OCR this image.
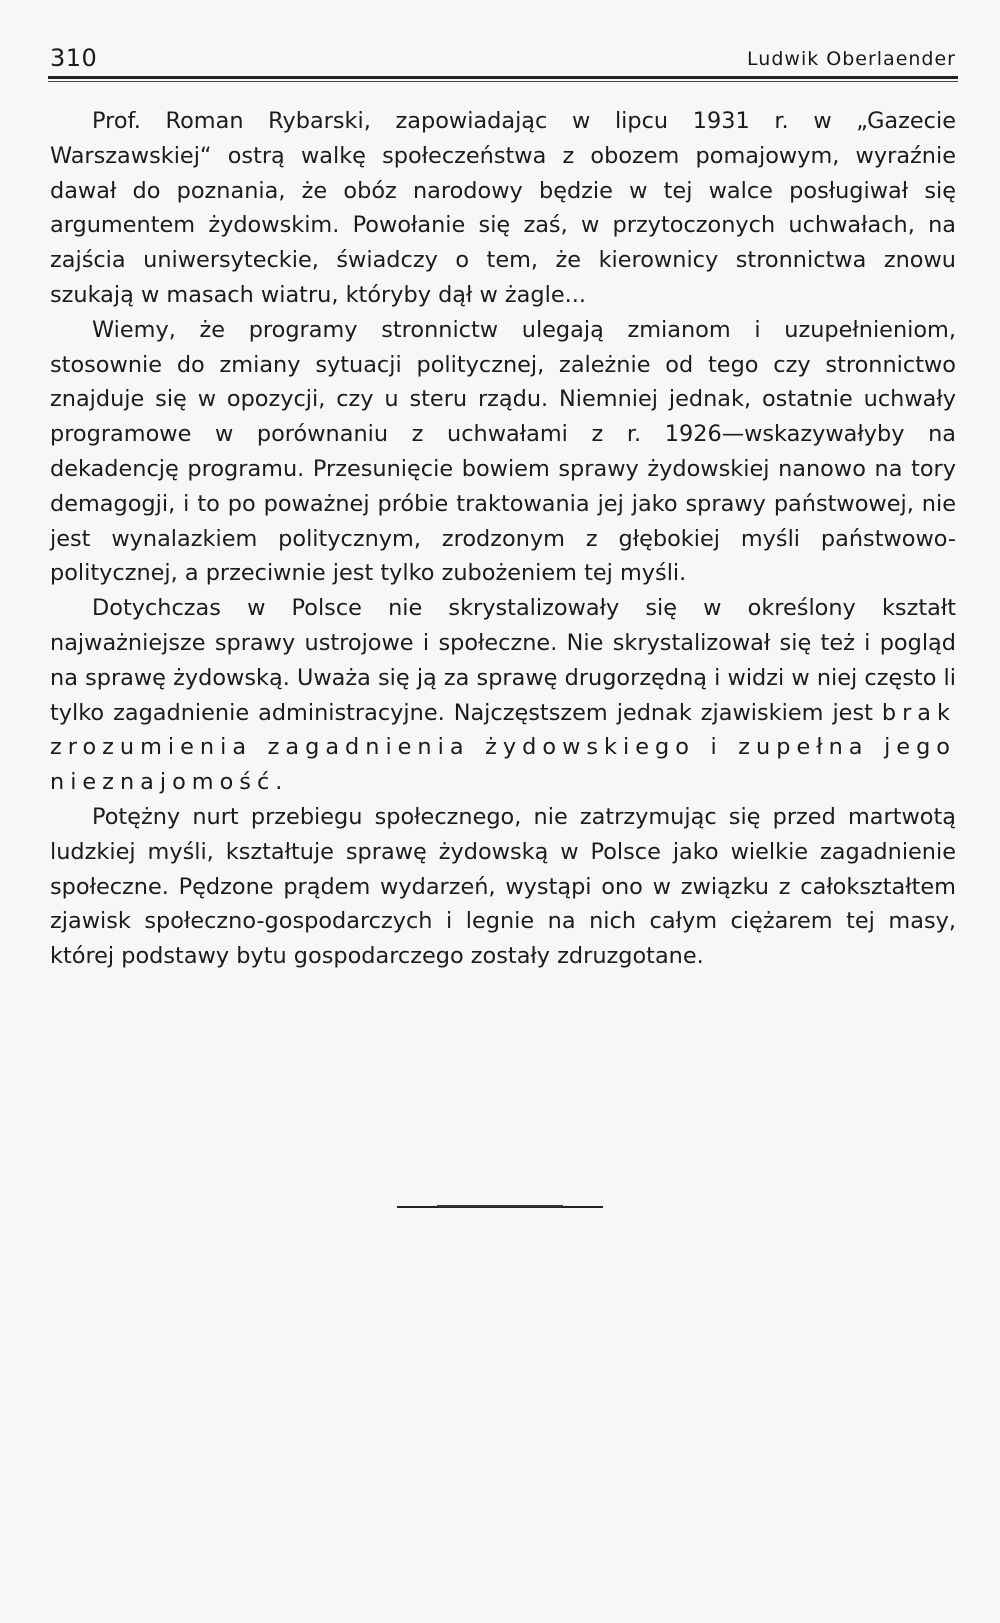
310	Ludwik Oberlaender

Prof. Roman Rybarski, zapowiadając w lipcu 1931 r. w „Gazecie Warszawskiej“ ostrą walkę społeczeństwa z obozem pomajowym, wyraźnie dawał do poznania, że obóz narodowy będzie w tej walce posługiwał się argumentem żydowskim. Powołanie się zaś, w przytoczonych uchwałach, na zajścia uniwersyteckie, świadczy o tem, że kierownicy stronnictwa znowu szukają w masach wiatru, któryby dął w żagle...

Wiemy, że programy stronnictw ulegają zmianom i uzupełnieniom, stosownie do zmiany sytuacji politycznej, zależnie od tego czy stronnictwo znajduje się w opozycji, czy u steru rządu. Niemniej jednak, ostatnie uchwały programowe w porównaniu z uchwałami z r. 1926—wskazywałyby na dekadencję programu. Przesunięcie bowiem sprawy żydowskiej nanowo na tory demagogji, i to po poważnej próbie traktowania jej jako sprawy państwowej, nie jest wynalazkiem politycznym, zrodzonym z głębokiej myśli państwowo-politycznej, a przeciwnie jest tylko zubożeniem tej myśli.

Dotychczas w Polsce nie skrystalizowały się w określony kształt najważniejsze sprawy ustrojowe i społeczne. Nie skrystalizował się też i pogląd na sprawę żydowską. Uważa się ją za sprawę drugorzędną i widzi w niej często li tylko zagadnienie administracyjne. Najczęstszem jednak zjawiskiem jest brak zrozumienia zagadnienia żydowskiego i zupełna jego nieznajomość.

Potężny nurt przebiegu społecznego, nie zatrzymując się przed martwotą ludzkiej myśli, kształtuje sprawę żydowską w Polsce jako wielkie zagadnienie społeczne. Pędzone prądem wydarzeń, wystąpi ono w związku z całokształtem zjawisk społeczno-gospodarczych i legnie na nich całym ciężarem tej masy, której podstawy bytu gospodarczego zostały zdruzgotane.
